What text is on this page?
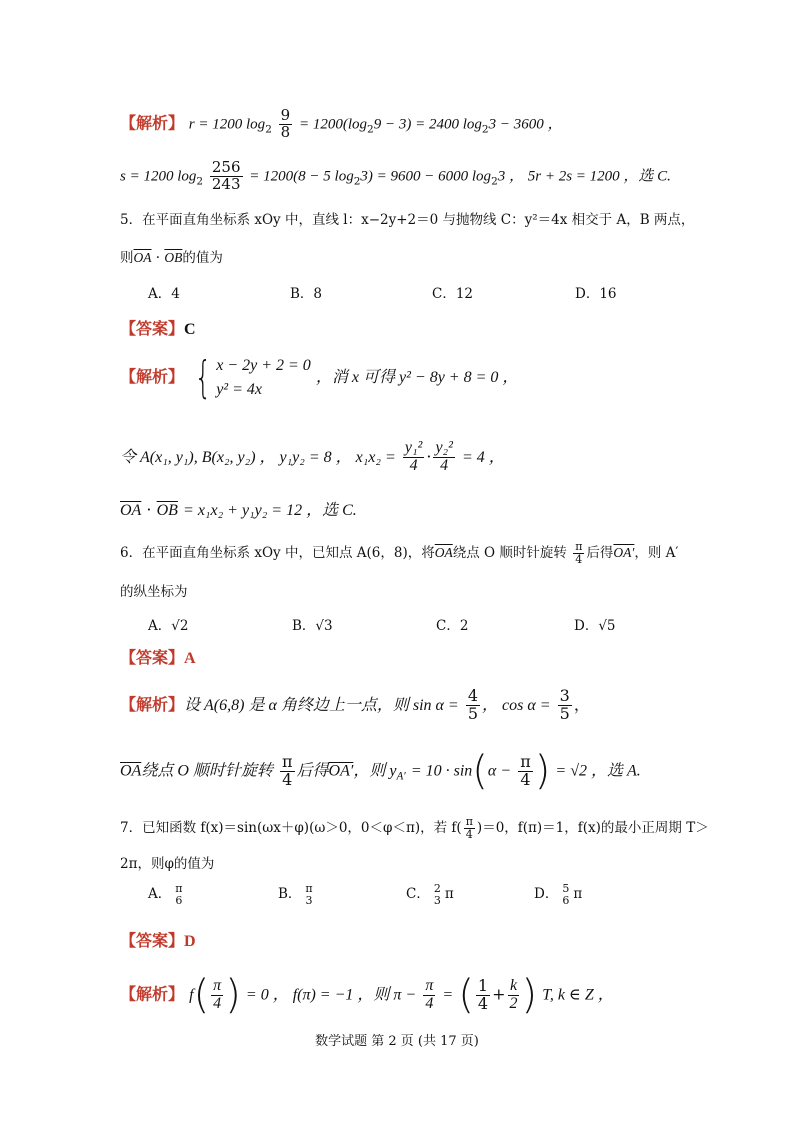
【解析】 r = 1200 $\log_2 \frac{9}{8} = 1200(\log_29 - 3) = 2400$ $\log_23 - 3600$ ，
s = 1200 $\log_2 \frac{256}{243} = 1200(8 - 5$ $\log_23) = 9600 - 6000$ $\log_23$ ， 5r + 2s = 1200 ，选 C.
5．在平面直角坐标系 xOy 中，直线 l：x−2y+2＝0 与抛物线 C：y²＝4x 相交于 A，B 两点，
则$\overline{OA} \cdot \overline{OB}$的值为
A．4	B．8	C．12	D．16
【答案】C
【解析】 { x − 2y + 2 = 0
y² = 4x
，消 x 可得 y² − 8y + 8 = 0 ，
令 A(x₁, y₁), B(x₂, y₂) ， y₁y₂ = 8 ， $x_1x_2 = \frac{\text{y₁²}}{4} \cdot \frac{\text{y₂²}}{4} = 4$ ，
$\overline{OA} \cdot \overline{OB} = x_1x_2 + y_1y_2 = 12$ ，选 C.
6．在平面直角坐标系 xOy 中，已知点 A(6，8)，将$\overline{OA}$绕点 O 顺时针旋转 $\frac{\pi}{4}$ 后得OA′，则 A′
的纵坐标为
A．√2	B．√3	C．2	D．√5
【答案】A
【解析】设 A(6,8) 是 α 角终边上一点，则 $\sin \alpha = \frac{4}{5}$ ， $\cos \alpha = \frac{3}{5}$ ，
$\overline{OA}$绕点 O 顺时针旋转 $\frac{\pi}{4}$ 后得OA′，则 $y_{A'} = 10 \cdot \sin(\alpha - \frac{\pi}{4}$ ) = √2 ，选 A.
7．已知函数 f(x)＝sin(ωx＋φ)(ω＞0，0＜φ＜π)，若 $f( \frac{\pi}{4} )=0$，f(π)＝1，f(x)的最小正周期 T＞
2π，则φ的值为
A． π
6	B． π
3	C． 2
3 π	D． 5
6 π
【答案】D
【解析】 $f( \frac{\pi}{4}$ ) = 0 ， f(π) = −1 ，则 $\pi - \frac{\pi}{4}$ = ( $\frac{1}{4} + \frac{k}{2}$ ) T, k ∈ Z ，
数学试题 第 2 页 (共 17 页)
